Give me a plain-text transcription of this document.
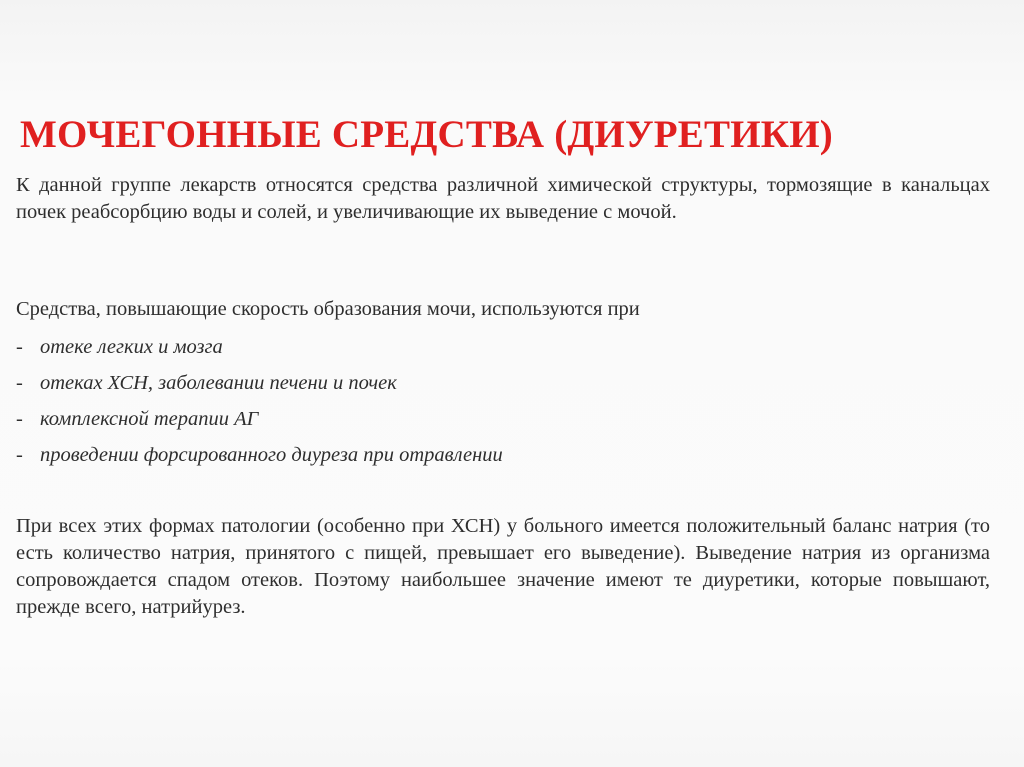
МОЧЕГОННЫЕ СРЕДСТВА (ДИУРЕТИКИ)
К данной группе лекарств относятся средства различной химической структуры, тормозящие в канальцах почек реабсорбцию воды и солей, и увеличивающие их выведение с мочой.
Средства, повышающие скорость образования мочи, используются при
- отеке легких и мозга
- отеках ХСН, заболевании печени и почек
- комплексной терапии АГ
- проведении форсированного диуреза при отравлении
При всех этих формах патологии (особенно при ХСН) у больного имеется положительный баланс натрия (то есть количество натрия, принятого с пищей, превышает его выведение). Выведение натрия из организма сопровождается спадом отеков. Поэтому наибольшее значение имеют те диуретики, которые повышают, прежде всего, натрийурез.
